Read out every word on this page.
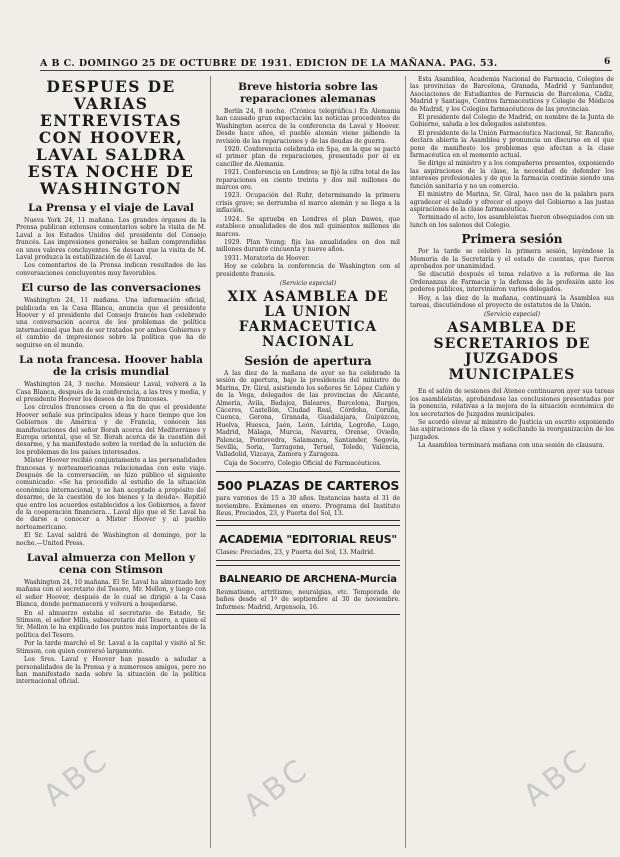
A B C. DOMINGO 25 DE OCTUBRE DE 1931. EDICION DE LA MAÑANA. PAG. 53.	6
DESPUES DE VARIAS ENTREVISTAS CON HOOVER, LAVAL SALDRA ESTA NOCHE DE WASHINGTON
La Prensa y el viaje de Laval

Nueva York 24, 11 mañana. Los grandes órganos de la Prensa publican extensos comentarios sobre la visita de M. Laval a los Estados Unidos del presidente del Consejo francés. Las impresiones generales se hallan comprendidas en unos valores concluyentes. Se desean que la visita de M. Laval produzca la estabilización de él Laval.

Los comentarios de la Prensa indican resultados de las conversaciones concluyentes muy favorables.

El curso de las conversaciones

Washington 24, 11 mañana. Una información oficial, publicada en la Casa Blanca, anuncia que el presidente Hoover y el presidente del Consejo francés han celebrado una conversación acerca de los problemas de política internacional que han de ser tratados por ambos Gobiernos y el cambio de impresiones sobre la política que ha de seguirse en el mundo.

La nota francesa. Hoover habla de la crisis mundial

Washington 24, 3 noche. Monsieur Laval, volverá a la Casa Blanca, después de la conferencia, a las tres y media, y el presidente Hoover los deseos de los franceses.

Los círculos franceses creen a fin de que el presidente Hoover señale sus principales ideas y hace tiempo que los Gobiernos de América y de Francia, conocen las manifestaciones del señor Borah acerca del Mediterráneo y Europa oriental, que el Sr. Borah acerca de la cuestión del desarme, y ha manifestado sobre la verdad de la solución de los problemas de los países interesados.

Míster Hoover recibió conjuntamente a las personalidades francesas y norteamericanas relacionadas con este viaje. Después de la conversación, se hizo público el siguiente comunicado: «Se ha procedido al estudio de la situación económica internacional, y se han aceptado a propósito del desarme, de la cuestión de los bienes y la deuda». Repitió que entre los acuerdos establecidos a los Gobiernos, a favor de la cooperación financiera... Laval dijo que el Sr. Laval ha de darse a conocer a Míster Hoover y al pueblo norteamericano.

El Sr. Laval saldrá de Washington el domingo, por la noche.—United Press.

Laval almuerza con Mellon y cena con Stimson

Washington 24, 10 mañana. El Sr. Laval ha almorzado hoy mañana con el secretario del Tesoro, Mr. Mellon, y luego con el señor Hoover, después de lo cual se dirigió a la Casa Blanca, donde permanecerá y volverá a hospedarse.

En el almuerzo estaba el secretario de Estado, Sr. Stimson, el señor Mills, subsecretario del Tesoro, a quien el Sr. Mellon le ha explicado los puntos más importantes de la política del Tesoro.

Por la tarde marchó el Sr. Laval a la capital y visitó al Sr. Stimson, con quien conversó largamente.

Los Sres. Laval y Hoover han pasado a saludar a personalidades de la Prensa y a numerosos amigos, pero no han manifestado nada sobre la situación de la política internacional oficial.

Breve historia sobre las reparaciones alemanas

Berlín 24, 8 noche. (Crónica telegráfica.) En Alemania han causado gran expectación las noticias procedentes de Washington acerca de la conferencia de Laval y Hoover. Desde hace años, el pueblo alemán viene pidiendo la revisión de las reparaciones y de las deudas de guerra.

1920. Conferencia celebrada en Spa, en la que se pactó el primer plan de reparaciones, presentado por el ex canciller de Alemania.

1921. Conferencia en Londres; se fijó la cifra total de las reparaciones en ciento treinta y dos mil millones de marcos oro.

1923. Ocupación del Ruhr, determinando la primera crisis grave; se derrumba el marco alemán y se llega a la inflación.

1924. Se aprueba en Londres el plan Dawes, que establece anualidades de dos mil quinientos millones de marcos.

1929. Plan Young; fija las anualidades en dos mil millones durante cincuenta y nueve años.

1931. Moratoria de Hoover.

Hoy se celebra la conferencia de Washington con el presidente francés.

(Servicio especial)
XIX ASAMBLEA DE LA UNION FARMACEUTICA NACIONAL
Sesión de apertura

A las diez de la mañana de ayer se ha celebrado la sesión de apertura, bajo la presidencia del ministro de Marina, Dr. Giral, asistiendo los señores Sr. López Cañón y de la Vega, delegados de las provincias de Alicante, Almería, Ávila, Badajoz, Baleares, Barcelona, Burgos, Cáceres, Castellón, Ciudad Real, Córdoba, Coruña, Cuenca, Gerona, Granada, Guadalajara, Guipúzcoa, Huelva, Huesca, Jaén, León, Lérida, Logroño, Lugo, Madrid, Málaga, Murcia, Navarra, Orense, Oviedo, Palencia, Pontevedra, Salamanca, Santander, Segovia, Sevilla, Soria, Tarragona, Teruel, Toledo, Valencia, Valladolid, Vizcaya, Zamora y Zaragoza.

Caja de Socorro, Colegio Oficial de Farmacéuticos.

500 PLAZAS DE CARTEROS

para varones de 15 a 30 años. Instancias hasta el 31 de noviembre. Exámenes en enero. Programa del Instituto Reus, Preciados, 23, y Puerta del Sol, 13.

ACADEMIA "EDITORIAL REUS"

Clases: Preciados, 23, y Puerta del Sol, 13. Madrid.

BALNEARIO DE ARCHENA-Murcia

Reumatismo, artritismo, neuralgias, etc. Temporada de baños desde el 1º de septiembre al 30 de noviembre. Informes: Madrid, Argensola, 16.

Esta Asamblea, Academia Nacional de Farmacia, Colegios de las provincias de Barcelona, Granada, Madrid y Santander, Asociaciones de Estudiantes de Farmacia de Barcelona, Cádiz, Madrid y Santiago, Centros farmacéuticos y Colegio de Médicos de Madrid, y los Colegios farmacéuticos de las provincias.

El presidente del Colegio de Madrid, en nombre de la Junta de Gobierno, saluda a los delegados asistentes.

El presidente de la Unión Farmacéutica Nacional, Sr. Rancaño, declara abierta la Asamblea y pronuncia un discurso en el que pone de manifiesto los problemas que afectan a la clase farmacéutica en el momento actual.

Se dirige al ministro y a los compañeros presentes, exponiendo las aspiraciones de la clase, la necesidad de defender los intereses profesionales y de que la farmacia continúe siendo una función sanitaria y no un comercio.

El ministro de Marina, Sr. Giral, hace uso de la palabra para agradecer el saludo y ofrecer el apoyo del Gobierno a las justas aspiraciones de la clase farmacéutica.

Terminado el acto, los asambleístas fueron obsequiados con un lunch en los salones del Colegio.

Primera sesión

Por la tarde se celebró la primera sesión, leyéndose la Memoria de la Secretaría y el estado de cuentas, que fueron aprobados por unanimidad.

Se discutió después el tema relativo a la reforma de las Ordenanzas de Farmacia y la defensa de la profesión ante los poderes públicos, intervinieron varios delegados.

Hoy, a las diez de la mañana, continuará la Asamblea sus tareas, discutiéndose el proyecto de estatutos de la Unión.

(Servicio especial)
ASAMBLEA DE SECRETARIOS DE JUZGADOS MUNICIPALES

En el salón de sesiones del Ateneo continuaron ayer sus tareas los asambleístas, aprobándose las conclusiones presentadas por la ponencia, relativas a la mejora de la situación económica de los secretarios de Juzgados municipales.

Se acordó elevar al ministro de Justicia un escrito exponiendo las aspiraciones de la clase y solicitando la reorganización de los Juzgados.

La Asamblea terminará mañana con una sesión de clausura.

ABC	ABC	ABC
